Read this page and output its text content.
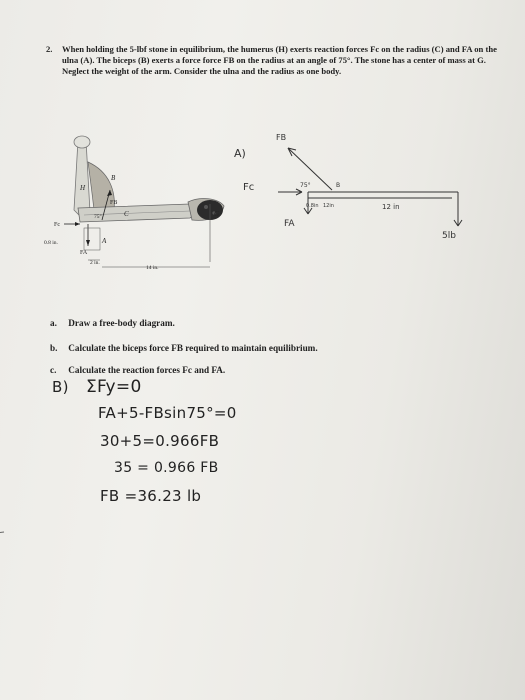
2. When holding the 5-lbf stone in equilibrium, the humerus (H) exerts reaction forces Fc on the radius (C) and FA on the ulna (A). The biceps (B) exerts a force force FB on the radius at an angle of 75°. The stone has a center of mass at G. Neglect the weight of the arm. Consider the ulna and the radius as one body.
G
B
H
FB
75°	C
Fc
FA
A
0.8 in.
2 in.
14 in.
A)
FB
Fc	75°	B
0.8in 12in	12 in
FA
5lb
a. Draw a free-body diagram.
b. Calculate the biceps force FB required to maintain equilibrium.
c. Calculate the reaction forces Fc and FA.
B) ΣFy=0
FA+5-FBsin75°=0
30+5=0.966FB
35 = 0.966 FB
FB =36.23 lb
